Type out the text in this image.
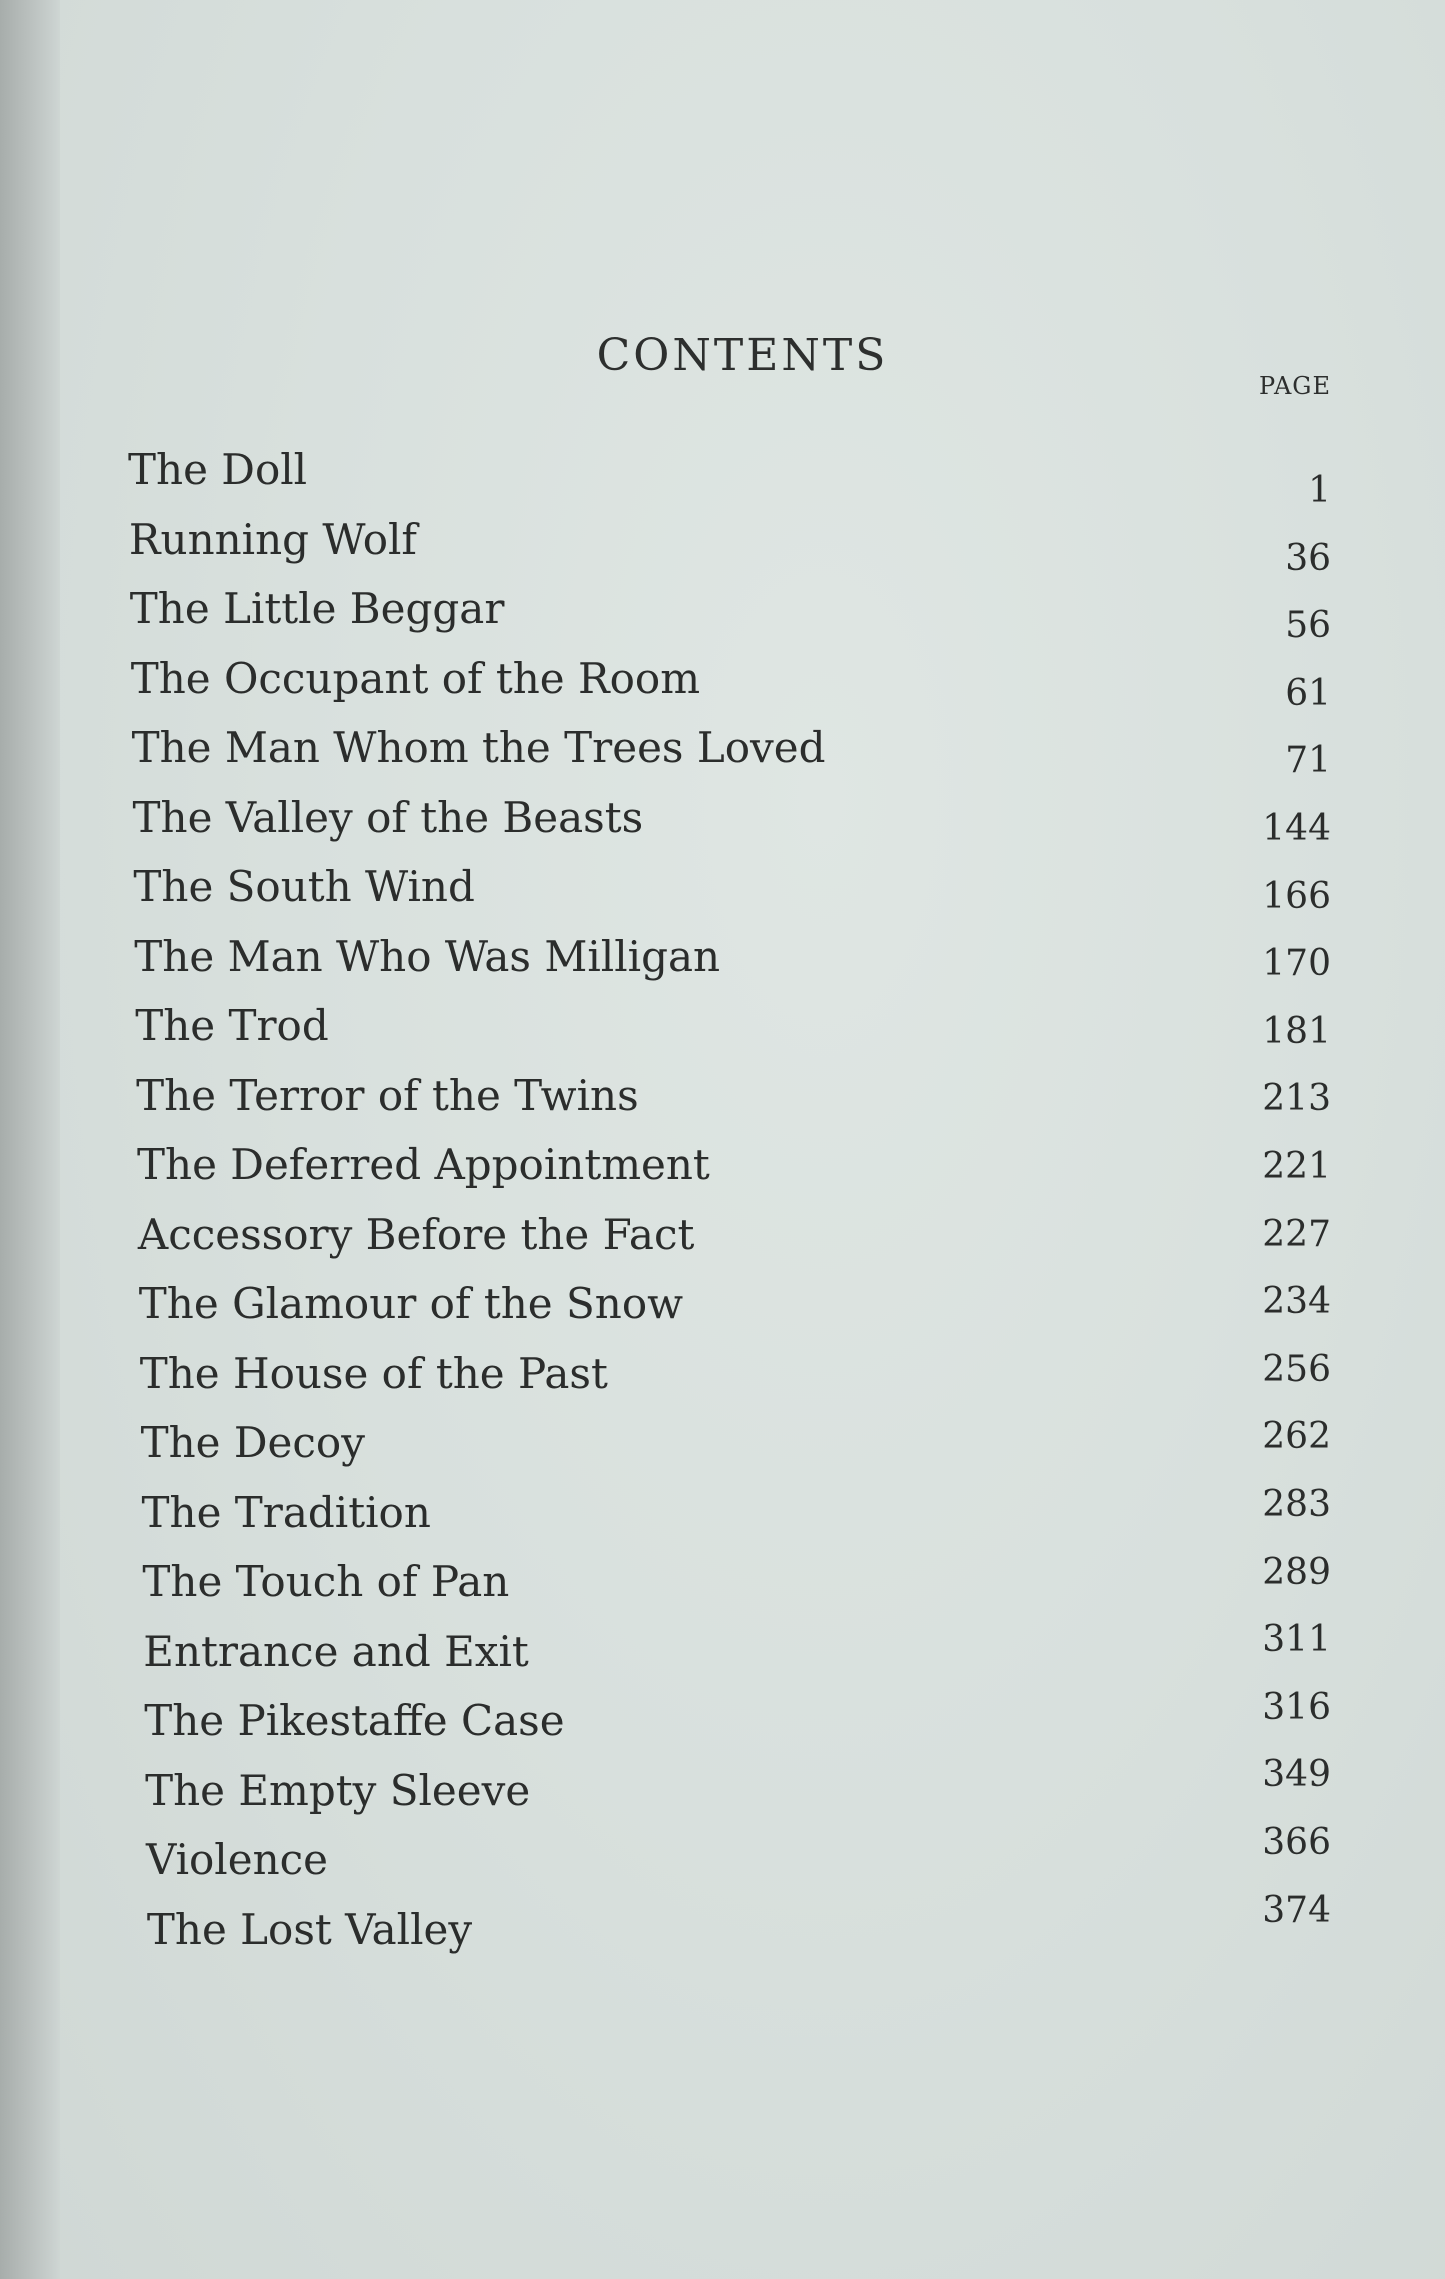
CONTENTS
PAGE
The Doll	1
Running Wolf	36
The Little Beggar	56
The Occupant of the Room	61
The Man Whom the Trees Loved	71
The Valley of the Beasts	144
The South Wind	166
The Man Who Was Milligan	170
The Trod	181
The Terror of the Twins	213
The Deferred Appointment	221
Accessory Before the Fact	227
The Glamour of the Snow	234
The House of the Past	256
The Decoy	262
The Tradition	283
The Touch of Pan	289
Entrance and Exit	311
The Pikestaffe Case	316
The Empty Sleeve	349
Violence	366
The Lost Valley	374
